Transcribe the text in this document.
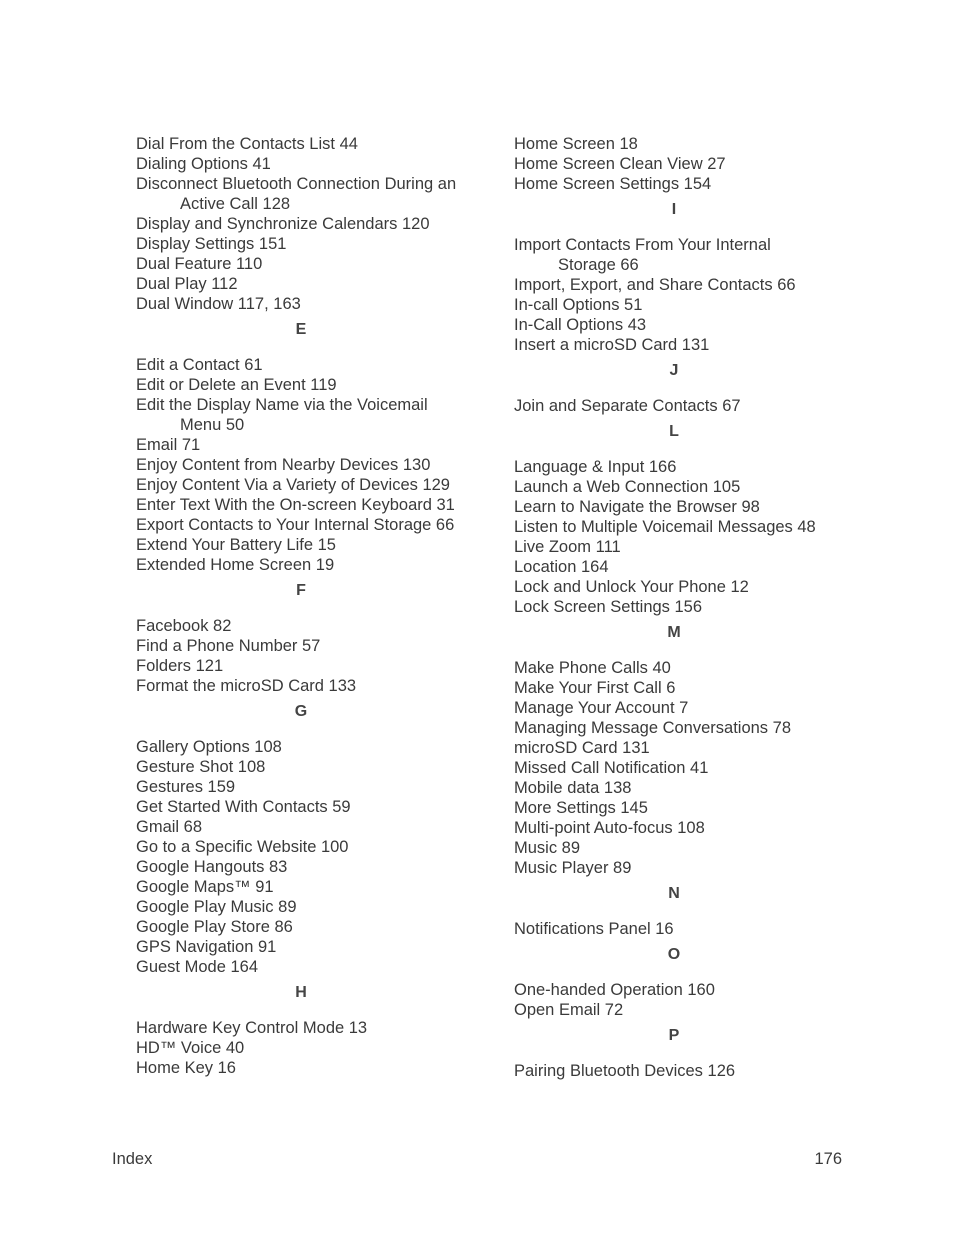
Dial From the Contacts List 44
Dialing Options 41
Disconnect Bluetooth Connection During an
Active Call 128
Display and Synchronize Calendars 120
Display Settings 151
Dual Feature 110
Dual Play 112
Dual Window 117, 163
E
Edit a Contact 61
Edit or Delete an Event 119
Edit the Display Name via the Voicemail
Menu 50
Email 71
Enjoy Content from Nearby Devices 130
Enjoy Content Via a Variety of Devices 129
Enter Text With the On-screen Keyboard 31
Export Contacts to Your Internal Storage 66
Extend Your Battery Life 15
Extended Home Screen 19
F
Facebook 82
Find a Phone Number 57
Folders 121
Format the microSD Card 133
G
Gallery Options 108
Gesture Shot 108
Gestures 159
Get Started With Contacts 59
Gmail 68
Go to a Specific Website 100
Google Hangouts 83
Google Maps™ 91
Google Play Music 89
Google Play Store 86
GPS Navigation 91
Guest Mode 164
H
Hardware Key Control Mode 13
HD™ Voice 40
Home Key 16
Home Screen 18
Home Screen Clean View 27
Home Screen Settings 154
I
Import Contacts From Your Internal
Storage 66
Import, Export, and Share Contacts 66
In-call Options 51
In-Call Options 43
Insert a microSD Card 131
J
Join and Separate Contacts 67
L
Language & Input 166
Launch a Web Connection 105
Learn to Navigate the Browser 98
Listen to Multiple Voicemail Messages 48
Live Zoom 111
Location 164
Lock and Unlock Your Phone 12
Lock Screen Settings 156
M
Make Phone Calls 40
Make Your First Call 6
Manage Your Account 7
Managing Message Conversations 78
microSD Card 131
Missed Call Notification 41
Mobile data 138
More Settings 145
Multi-point Auto-focus 108
Music 89
Music Player 89
N
Notifications Panel 16
O
One-handed Operation 160
Open Email 72
P
Pairing Bluetooth Devices 126
Index	176
